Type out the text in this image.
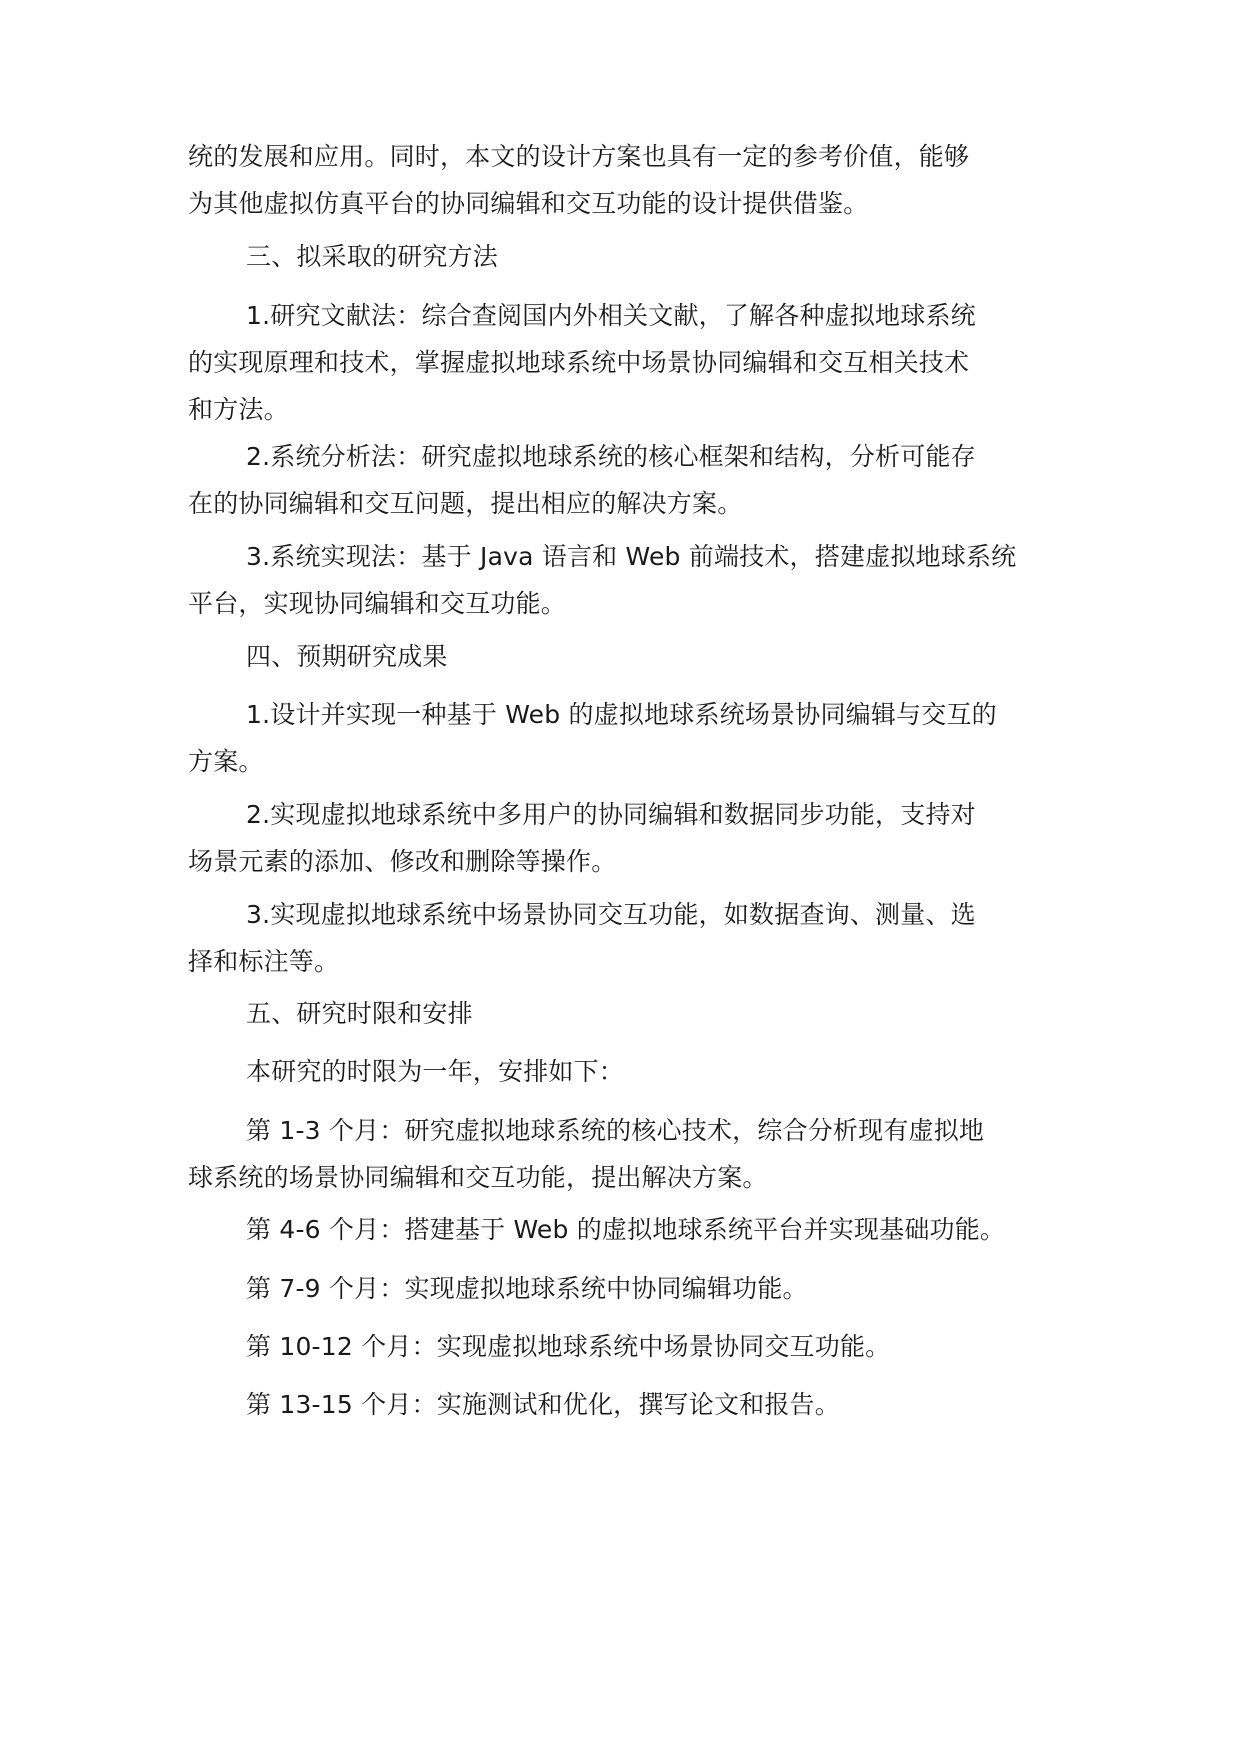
统的发展和应用。同时，本文的设计方案也具有一定的参考价值，能够
为其他虚拟仿真平台的协同编辑和交互功能的设计提供借鉴。
三、拟采取的研究方法
1.研究文献法：综合查阅国内外相关文献，了解各种虚拟地球系统
的实现原理和技术，掌握虚拟地球系统中场景协同编辑和交互相关技术
和方法。
2.系统分析法：研究虚拟地球系统的核心框架和结构，分析可能存
在的协同编辑和交互问题，提出相应的解决方案。
3.系统实现法：基于 Java 语言和 Web 前端技术，搭建虚拟地球系统
平台，实现协同编辑和交互功能。
四、预期研究成果
1.设计并实现一种基于 Web 的虚拟地球系统场景协同编辑与交互的
方案。
2.实现虚拟地球系统中多用户的协同编辑和数据同步功能，支持对
场景元素的添加、修改和删除等操作。
3.实现虚拟地球系统中场景协同交互功能，如数据查询、测量、选
择和标注等。
五、研究时限和安排
本研究的时限为一年，安排如下：
第 1-3 个月：研究虚拟地球系统的核心技术，综合分析现有虚拟地
球系统的场景协同编辑和交互功能，提出解决方案。
第 4-6 个月：搭建基于 Web 的虚拟地球系统平台并实现基础功能。
第 7-9 个月：实现虚拟地球系统中协同编辑功能。
第 10-12 个月：实现虚拟地球系统中场景协同交互功能。
第 13-15 个月：实施测试和优化，撰写论文和报告。
